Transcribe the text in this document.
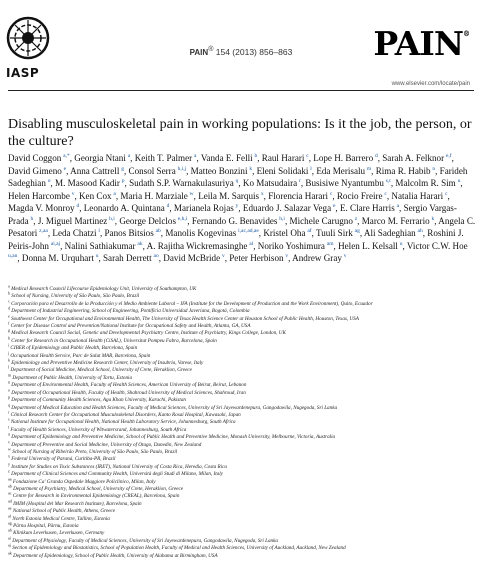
IASP
PAIN® 154 (2013) 856–863	PAIN®
www.elsevier.com/locate/pain
Disabling musculoskeletal pain in working populations: Is it the job, the person, or the culture?
David Coggon  $^{a,*}$, Georgia Ntani  $^a$, Keith T. Palmer  $^a$, Vanda E. Felli  $^b$, Raul Harari  $^c$, Lope H. Barrero  $^d$, Sarah A. Felknor  $^{e,f}$, David Gimeno  $^e$, Anna Cattrell  $^g$, Consol Serra  $^{h,i,j}$, Matteo Bonzini  $^k$, Eleni Solidaki  $^l$, Eda Merisalu  $^m$, Rima R. Habib  $^n$, Farideh Sadeghian  $^o$, M. Masood Kadir  $^p$, Sudath S.P. Warnakulasuriya  $^q$, Ko Matsudaira  $^r$, Busisiwe Nyantumbu  $^{s,t}$, Malcolm R. Sim  $^u$, Helen Harcombe  $^v$, Ken Cox  $^a$, Maria H. Marziale  $^w$, Leila M. Sarquis  $^x$, Florencia Harari  $^c$, Rocio Freire  $^c$, Natalia Harari  $^c$, Magda V. Monroy  $^d$, Leonardo A. Quintana  $^d$, Marianela Rojas  $^y$, Eduardo J. Salazar Vega  $^e$, E. Clare Harris  $^a$, Sergio Vargas-Prada  $^h$, J. Miguel Martinez  $^{h,i}$, George Delclos  $^{e,h,i}$, Fernando G. Benavides  $^{h,i}$, Michele Carugno  $^z$, Marco M. Ferrario  $^k$, Angela C. Pesatori  $^{z,aa}$, Leda Chatzi  $^l$, Panos Bitsios  $^{ab}$, Manolis Kogevinas  $^{i,ac,ad,ae}$, Kristel Oha  $^{af}$, Tuuli Sirk  $^{ag}$, Ali Sadeghian  $^{ah}$, Roshini J. Peiris-John  $^{ai,aj}$, Nalini Sathiakumar  $^{ak}$, A. Rajitha Wickremasinghe  $^{al}$, Noriko Yoshimura  $^{am}$, Helen L. Kelsall  $^u$, Victor C.W. Hoe $^{u,an}$, Donna M. Urquhart  $^u$, Sarah Derrett  $^{ao}$, David McBride  $^v$, Peter Herbison  $^v$, Andrew Gray  $^v$
$^a$ Medical Research Council Lifecourse Epidemiology Unit, University of Southampton, UK
$^b$ School of Nursing, University of São Paulo, São Paulo, Brazil
$^c$ Corporación para el Desarrollo de la Producción y el Medio Ambiente Laboral – IFA (Institute for the Development of Production and the Work Environment), Quito, Ecuador
$^d$ Department of Industrial Engineering, School of Engineering, Pontificia Universidad Javeriana, Bogotá, Colombia
$^e$ Southwest Center for Occupational and Environmental Health, The University of Texas Health Science Center at Houston School of Public Health, Houston, Texas, USA
$^f$ Center for Disease Control and Prevention/National Institute for Occupational Safety and Health, Atlanta, GA, USA
$^g$ Medical Research Council Social, Genetic and Developmental Psychiatry Centre, Institute of Psychiatry, Kings College, London, UK
$^h$ Center for Research in Occupational Health (CiSAL), Universitat Pompeu Fabra, Barcelona, Spain
$^i$ CIBER of Epidemiology and Public Health, Barcelona, Spain
$^j$ Occupational Health Service, Parc de Salut MAR, Barcelona, Spain
$^k$ Epidemiology and Preventive Medicine Research Center, University of Insubria, Varese, Italy
$^l$ Department of Social Medicine, Medical School, University of Crete, Heraklion, Greece
$^m$ Department of Public Health, University of Tartu, Estonia
$^n$ Department of Environmental Health, Faculty of Health Sciences, American University of Beirut, Beirut, Lebanon
$^o$ Department of Occupational Health, Faculty of Health, Shahroud University of Medical Sciences, Shahroud, Iran
$^p$ Department of Community Health Sciences, Aga Khan University, Karachi, Pakistan
$^q$ Department of Medical Education and Health Sciences, Faculty of Medical Sciences, University of Sri Jayewardenepura, Gangodawila, Nugegoda, Sri Lanka
$^r$ Clinical Research Center for Occupational Musculoskeletal Disorders, Kanto Rosai Hospital, Kawasaki, Japan
$^s$ National Institute for Occupational Health, National Health Laboratory Service, Johannesburg, South Africa
$^t$ Faculty of Health Sciences, University of Witwatersrand, Johannesburg, South Africa
$^u$ Department of Epidemiology and Preventive Medicine, School of Public Health and Preventive Medicine, Monash University, Melbourne, Victoria, Australia
$^v$ Department of Preventive and Social Medicine, University of Otago, Dunedin, New Zealand
$^w$ School of Nursing of Ribeirão Preto, University of São Paulo, São Paulo, Brazil
$^x$ Federal University of Paraná, Curitiba-PR, Brazil
$^y$ Institute for Studies on Toxic Substances (IRET), National University of Costa Rica, Heredia, Costa Rica
$^z$ Department of Clinical Sciences and Community Health, Università degli Studi di Milano, Milan, Italy
$^{aa}$ Fondazione Ca' Granda Ospedale Maggiore Policlinico, Milan, Italy
$^{ab}$ Department of Psychiatry, Medical School, University of Crete, Heraklion, Greece
$^{ac}$ Centre for Research in Environmental Epidemiology (CREAL), Barcelona, Spain
$^{ad}$ IMIM (Hospital del Mar Research Institute), Barcelona, Spain
$^{ae}$ National School of Public Health, Athens, Greece
$^{af}$ North Estonia Medical Centre, Tallinn, Estonia
$^{ag}$ Pärnu Hospital, Pärnu, Estonia
$^{ah}$ Klinikum Leverkusen, Leverkusen, Germany
$^{ai}$ Department of Physiology, Faculty of Medical Sciences, University of Sri Jayewardenepura, Gangodawila, Nugegoda, Sri Lanka
$^{aj}$ Section of Epidemiology and Biostatistics, School of Population Health, Faculty of Medical and Health Sciences, University of Auckland, Auckland, New Zealand
$^{ak}$ Department of Epidemiology, School of Public Health, University of Alabama at Birmingham, USA
